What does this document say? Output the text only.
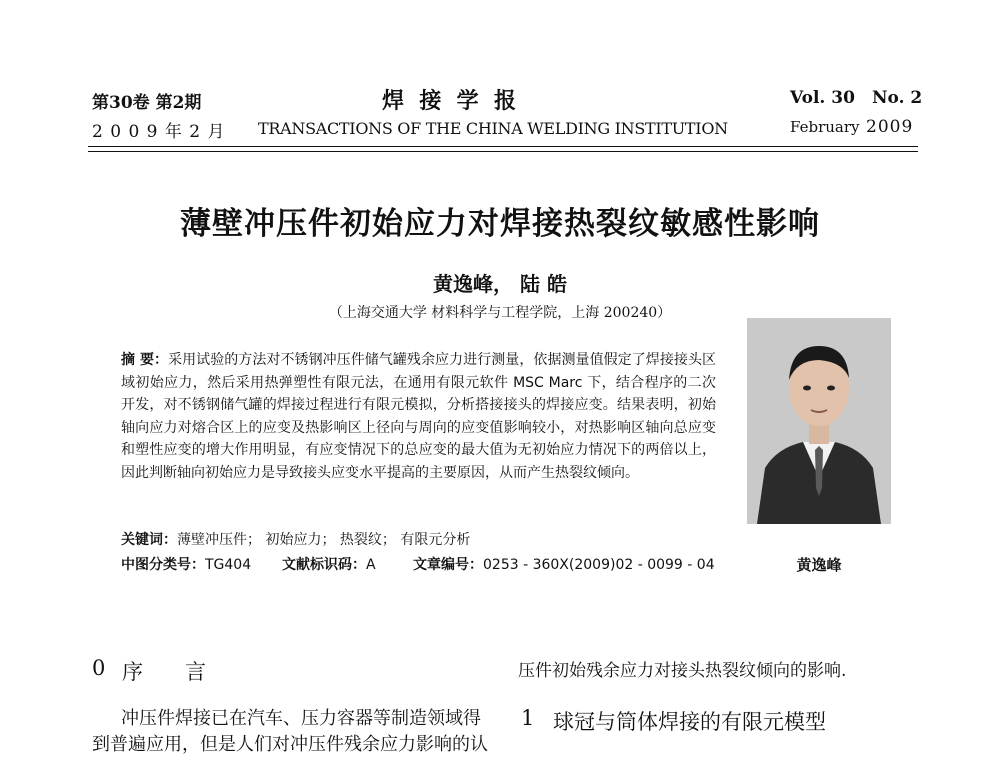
第30卷 第2期
2 0 0 9 年 2 月
焊  接  学  报
TRANSACTIONS OF THE CHINA WELDING INSTITUTION
Vol. 30 No. 2
February 2009
薄壁冲压件初始应力对焊接热裂纹敏感性影响
黄逸峰， 陆 皓
（上海交通大学 材料科学与工程学院，上海 200240）
摘 要：采用试验的方法对不锈钢冲压件储气罐残余应力进行测量，依据测量值假定了焊接接头区域初始应力，然后采用热弹塑性有限元法，在通用有限元软件 MSC Marc 下，结合程序的二次开发，对不锈钢储气罐的焊接过程进行有限元模拟，分析搭接接头的焊接应变。结果表明，初始轴向应力对熔合区上的应变及热影响区上径向与周向的应变值影响较小，对热影响区轴向总应变和塑性应变的增大作用明显，有应变情况下的总应变的最大值为无初始应力情况下的两倍以上，因此判断轴向初始应力是导致接头应变水平提高的主要原因，从而产生热裂纹倾向。
关键词：薄壁冲压件； 初始应力； 热裂纹； 有限元分析
中图分类号：TG404 文献标识码：A	文章编号：0253 - 360X(2009)02 - 0099 - 04	黄逸峰
0 序　　言
冲压件焊接已在汽车、压力容器等制造领域得
到普遍应用，但是人们对冲压件残余应力影响的认
压件初始残余应力对接头热裂纹倾向的影响.
1 球冠与筒体焊接的有限元模型
